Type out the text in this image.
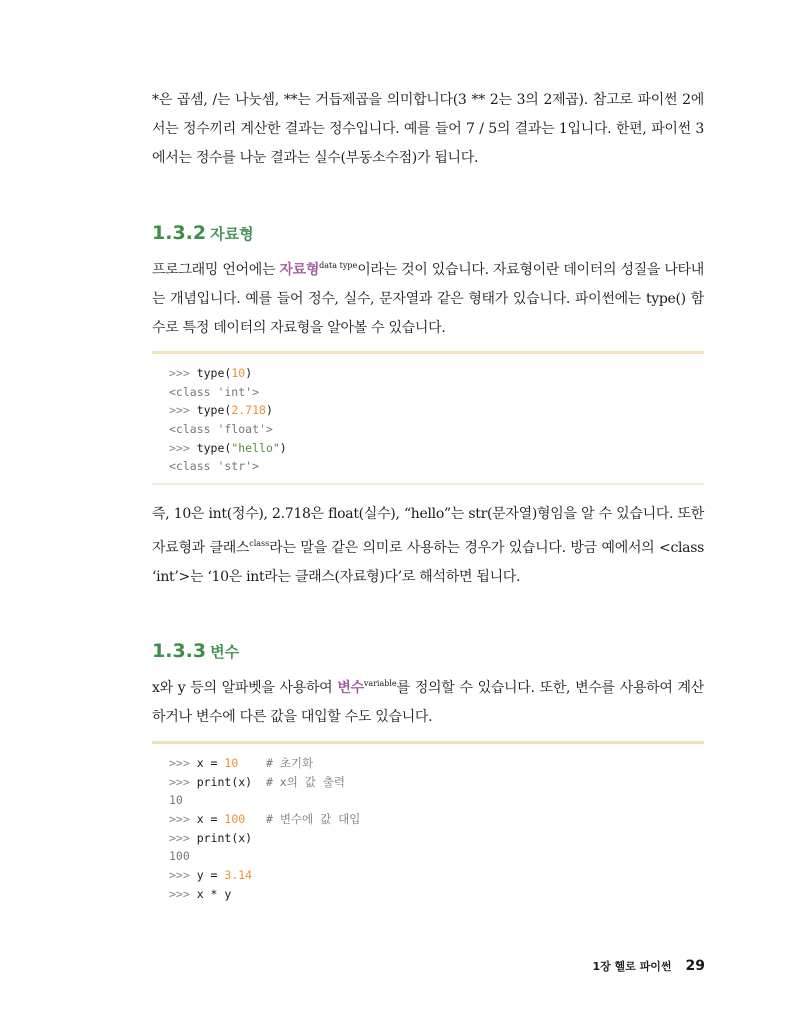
*은 곱셈, /는 나눗셈, **는 거듭제곱을 의미합니다(3 ** 2는 3의 2제곱). 참고로 파이썬 2에서는 정수끼리 계산한 결과는 정수입니다. 예를 들어 7 / 5의 결과는 1입니다. 한편, 파이썬 3에서는 정수를 나눈 결과는 실수(부동소수점)가 됩니다.
1.3.2 자료형
프로그래밍 언어에는 자료형$^{data type}$이라는 것이 있습니다. 자료형이란 데이터의 성질을 나타내는 개념입니다. 예를 들어 정수, 실수, 문자열과 같은 형태가 있습니다. 파이썬에는 type() 함수로 특정 데이터의 자료형을 알아볼 수 있습니다.
>>> type(10)
<class 'int'>
>>> type(2.718)
<class 'float'>
>>> type("hello")
<class 'str'>
즉, 10은 int(정수), 2.718은 float(실수), “hello”는 str(문자열)형임을 알 수 있습니다. 또한 자료형과 클래스$^{class}$라는 말을 같은 의미로 사용하는 경우가 있습니다. 방금 예에서의 <class ‘int’>는 ‘10은 int라는 클래스(자료형)다’로 해석하면 됩니다.
1.3.3 변수
x와 y 등의 알파벳을 사용하여 변수$^{variable}$를 정의할 수 있습니다. 또한, 변수를 사용하여 계산하거나 변수에 다른 값을 대입할 수도 있습니다.
>>> x = 10 # 초기화
>>> print(x) # x의 값 출력
10
>>> x = 100 # 변수에 값 대입
>>> print(x)
100
>>> y = 3.14
>>> x * y
1장 헬로 파이썬 29
